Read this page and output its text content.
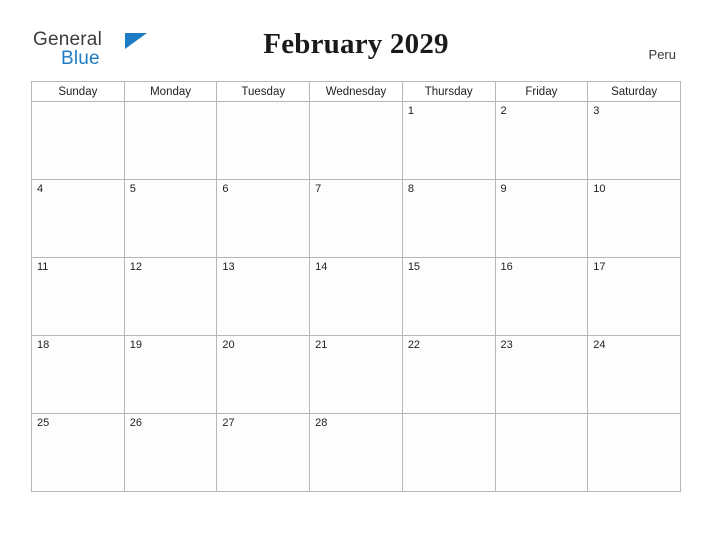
General
Blue	February 2029	Peru
Sunday	Monday	Tuesday	Wednesday	Thursday	Friday	Saturday

				1	2	3

4	5	6	7	8	9	10

11	12	13	14	15	16	17

18	19	20	21	22	23	24

25	26	27	28			
